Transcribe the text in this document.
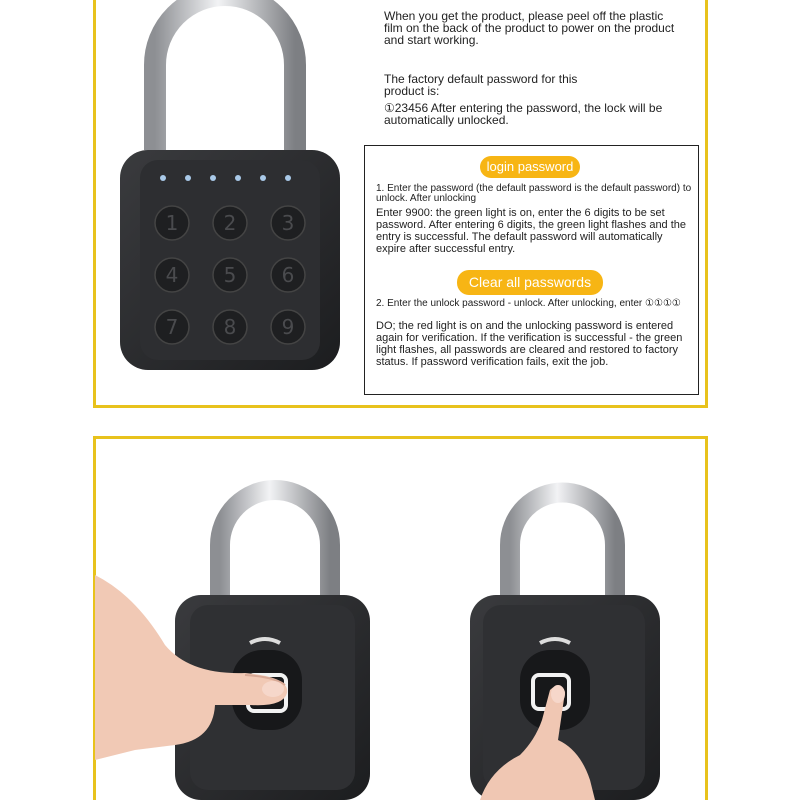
1 2 3
4 5 6
7 8 9
When you get the product, please peel off the plastic film on the back of the product to power on the product and start working.
The factory default password for this product is:
①23456 After entering the password, the lock will be automatically unlocked.
login password
1. Enter the password (the default password is the default password) to unlock. After unlocking
Enter 9900: the green light is on, enter the 6 digits to be set password. After entering 6 digits, the green light flashes and the entry is successful. The default password will automatically expire after successful entry.
Clear all passwords
2. Enter the unlock password - unlock. After unlocking, enter ①①①①
DO; the red light is on and the unlocking password is entered again for verification. If the verification is successful - the green light flashes, all passwords are cleared and restored to factory status. If password verification fails, exit the job.
